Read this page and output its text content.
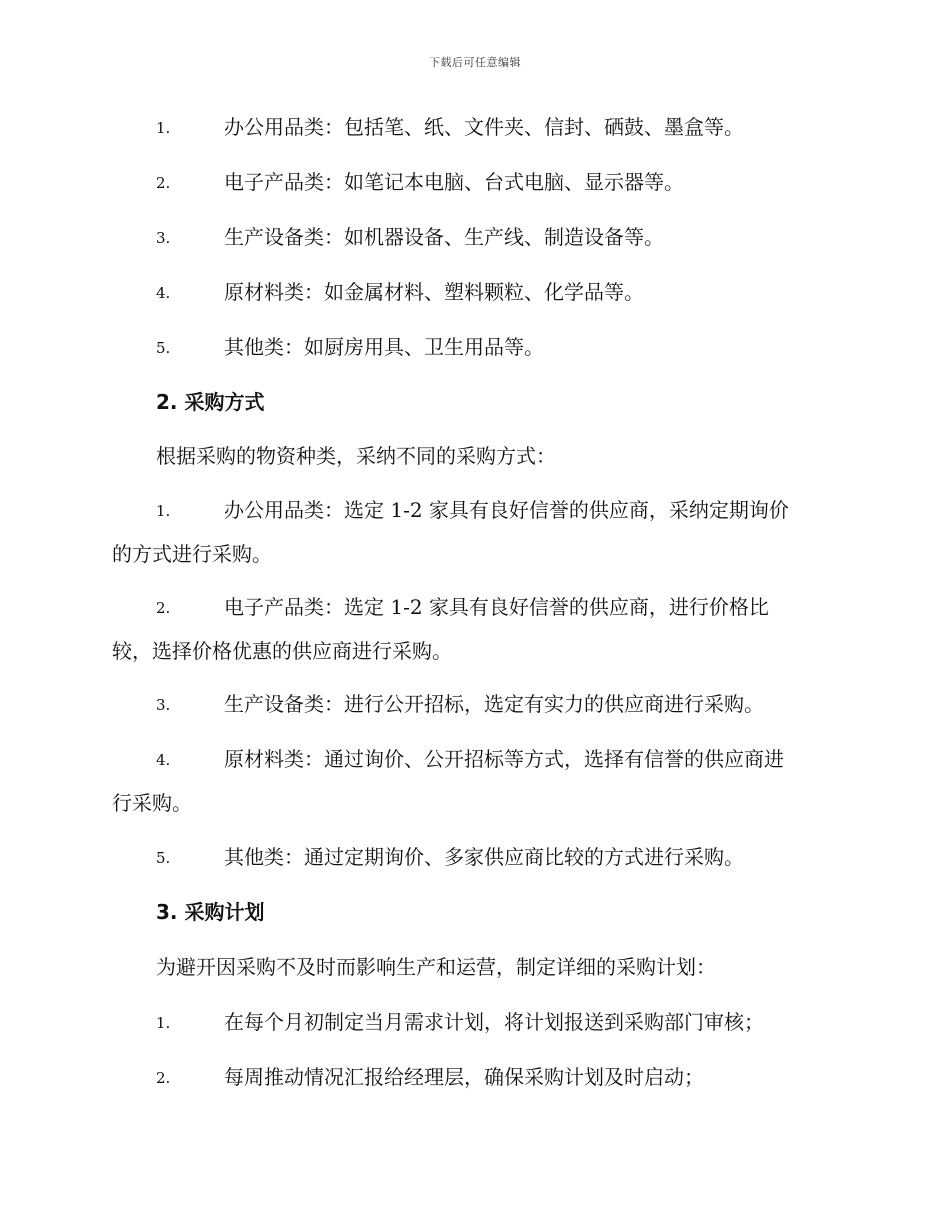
下载后可任意编辑
1.	办公用品类：包括笔、纸、文件夹、信封、硒鼓、墨盒等。
2.	电子产品类：如笔记本电脑、台式电脑、显示器等。
3.	生产设备类：如机器设备、生产线、制造设备等。
4.	原材料类：如金属材料、塑料颗粒、化学品等。
5.	其他类：如厨房用具、卫生用品等。
2. 采购方式
根据采购的物资种类，采纳不同的采购方式：
1.	办公用品类：选定 1-2 家具有良好信誉的供应商，采纳定期询价
的方式进行采购。
2.	电子产品类：选定 1-2 家具有良好信誉的供应商，进行价格比
较，选择价格优惠的供应商进行采购。
3.	生产设备类：进行公开招标，选定有实力的供应商进行采购。
4.	原材料类：通过询价、公开招标等方式，选择有信誉的供应商进
行采购。
5.	其他类：通过定期询价、多家供应商比较的方式进行采购。
3. 采购计划
为避开因采购不及时而影响生产和运营，制定详细的采购计划：
1.	在每个月初制定当月需求计划，将计划报送到采购部门审核；
2.	每周推动情况汇报给经理层，确保采购计划及时启动；
